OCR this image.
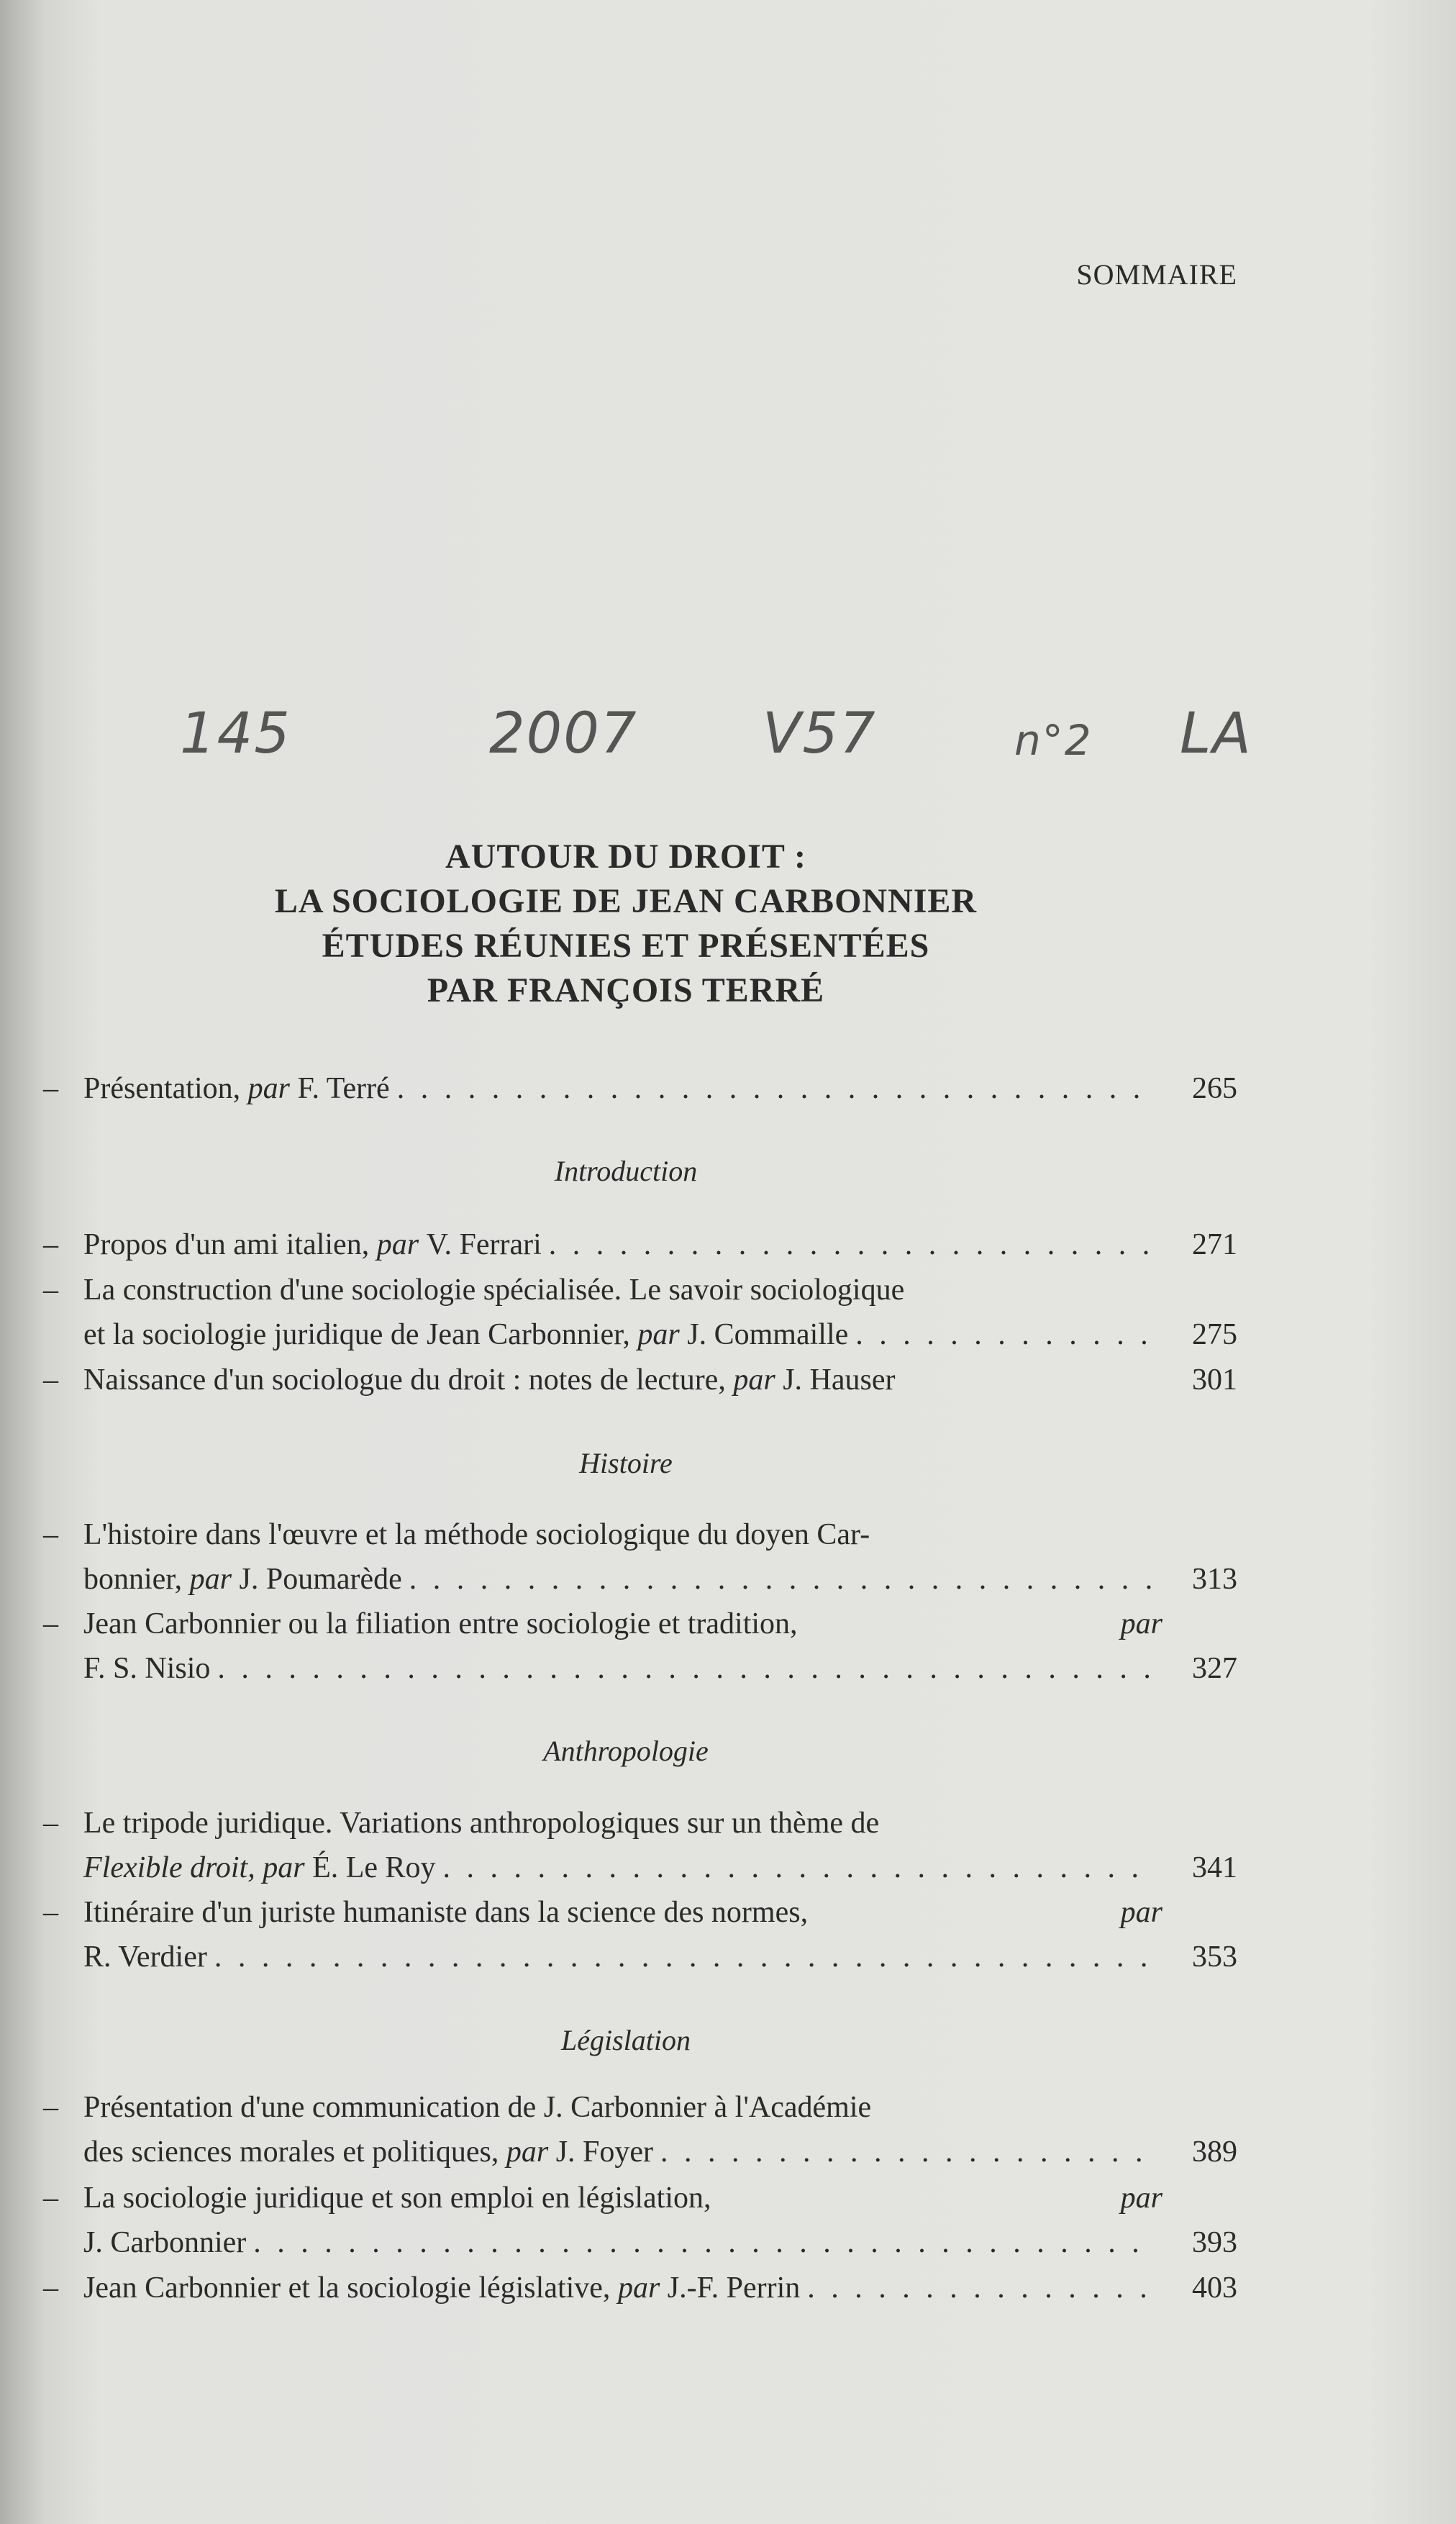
SOMMAIRE
145	2007 V57	n°2 LA
AUTOUR DU DROIT :
LA SOCIOLOGIE DE JEAN CARBONNIER
ÉTUDES RÉUNIES ET PRÉSENTÉES
PAR FRANÇOIS TERRÉ
– Présentation,
par
F. Terré . . .	265
Introduction
– Propos d'un ami italien,
par
V. Ferrari . . .	271
– La construction d'une sociologie spécialisée. Le savoir sociologique
et la sociologie juridique de Jean Carbonnier,
par
J. Commaille . . .	275
– Naissance d'un sociologue du droit : notes de lecture,
par
J. Hauser	301
Histoire
– L'histoire dans l'œuvre et la méthode sociologique du doyen Car-
bonnier,
par
J. Poumarède . . .	313
– Jean Carbonnier ou la filiation entre sociologie et tradition,	par
F. S. Nisio . . .	327
Anthropologie
– Le tripode juridique. Variations anthropologiques sur un thème de
Flexible droit,
par
É. Le Roy . . .	341
– Itinéraire d'un juriste humaniste dans la science des normes,	par
R. Verdier . . .	353
Législation
– Présentation d'une communication de J. Carbonnier à l'Académie
des sciences morales et politiques,
par
J. Foyer . . .	389
– La sociologie juridique et son emploi en législation,	par
J. Carbonnier . . .	393
– Jean Carbonnier et la sociologie législative,
par
J.-F. Perrin . . .	403
